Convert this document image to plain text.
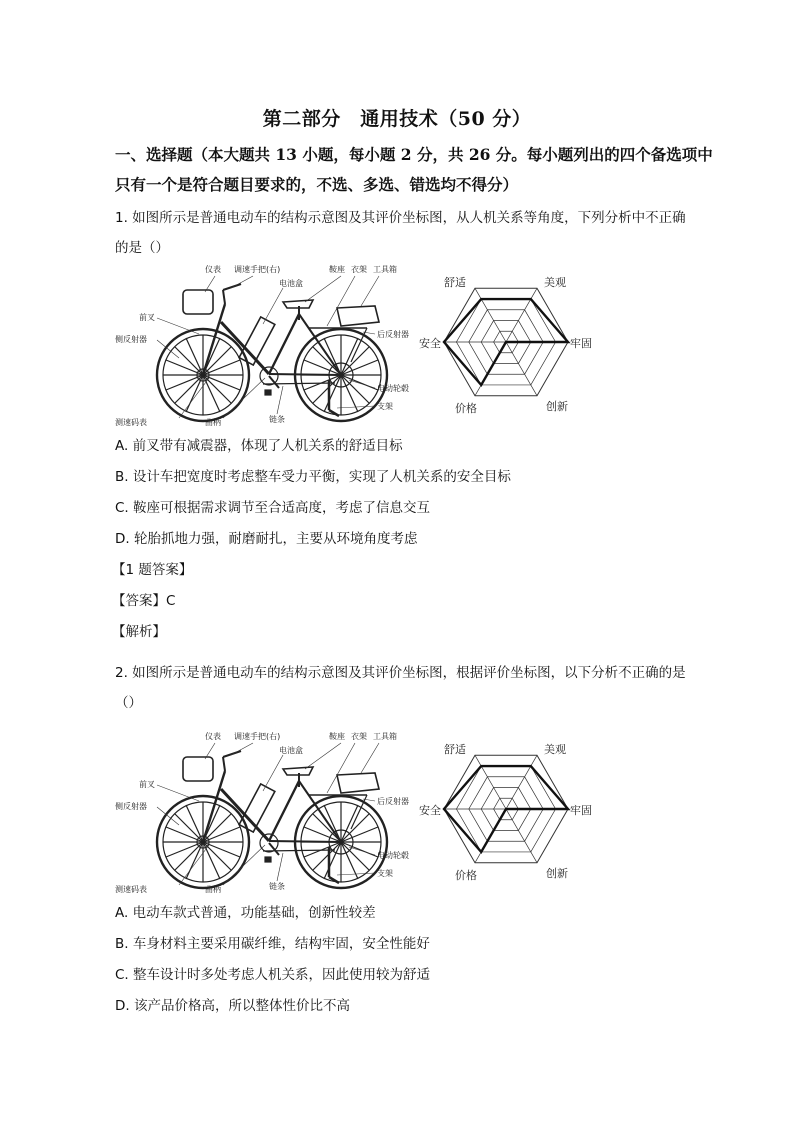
第二部分　通用技术（50 分）
一、选择题（本大题共 13 小题，每小题 2 分，共 26 分。每小题列出的四个备选项中
只有一个是符合题目要求的，不选、多选、错选均不得分）
1. 如图所示是普通电动车的结构示意图及其评价坐标图，从人机关系等角度，下列分析中不正确
的是（）
仪表 调速手把(右)
电池盒
鞍座 衣架 工具箱
前叉
侧反射器
后反射器
电动轮毂
支架
测速码表	曲柄	链条
舒适	美观
牢固
创新
价格
安全
A. 前叉带有减震器，体现了人机关系的舒适目标
B. 设计车把宽度时考虑整车受力平衡，实现了人机关系的安全目标
C. 鞍座可根据需求调节至合适高度，考虑了信息交互
D. 轮胎抓地力强，耐磨耐扎，主要从环境角度考虑
【1 题答案】
【答案】C
【解析】
2. 如图所示是普通电动车的结构示意图及其评价坐标图，根据评价坐标图，以下分析不正确的是
（）
仪表 调速手把(右)
电池盒
鞍座 衣架 工具箱
前叉
侧反射器
后反射器
电动轮毂
支架
测速码表	曲柄	链条
舒适	美观
牢固
创新
价格
安全
A. 电动车款式普通，功能基础，创新性较差
B. 车身材料主要采用碳纤维，结构牢固，安全性能好
C. 整车设计时多处考虑人机关系，因此使用较为舒适
D. 该产品价格高，所以整体性价比不高
